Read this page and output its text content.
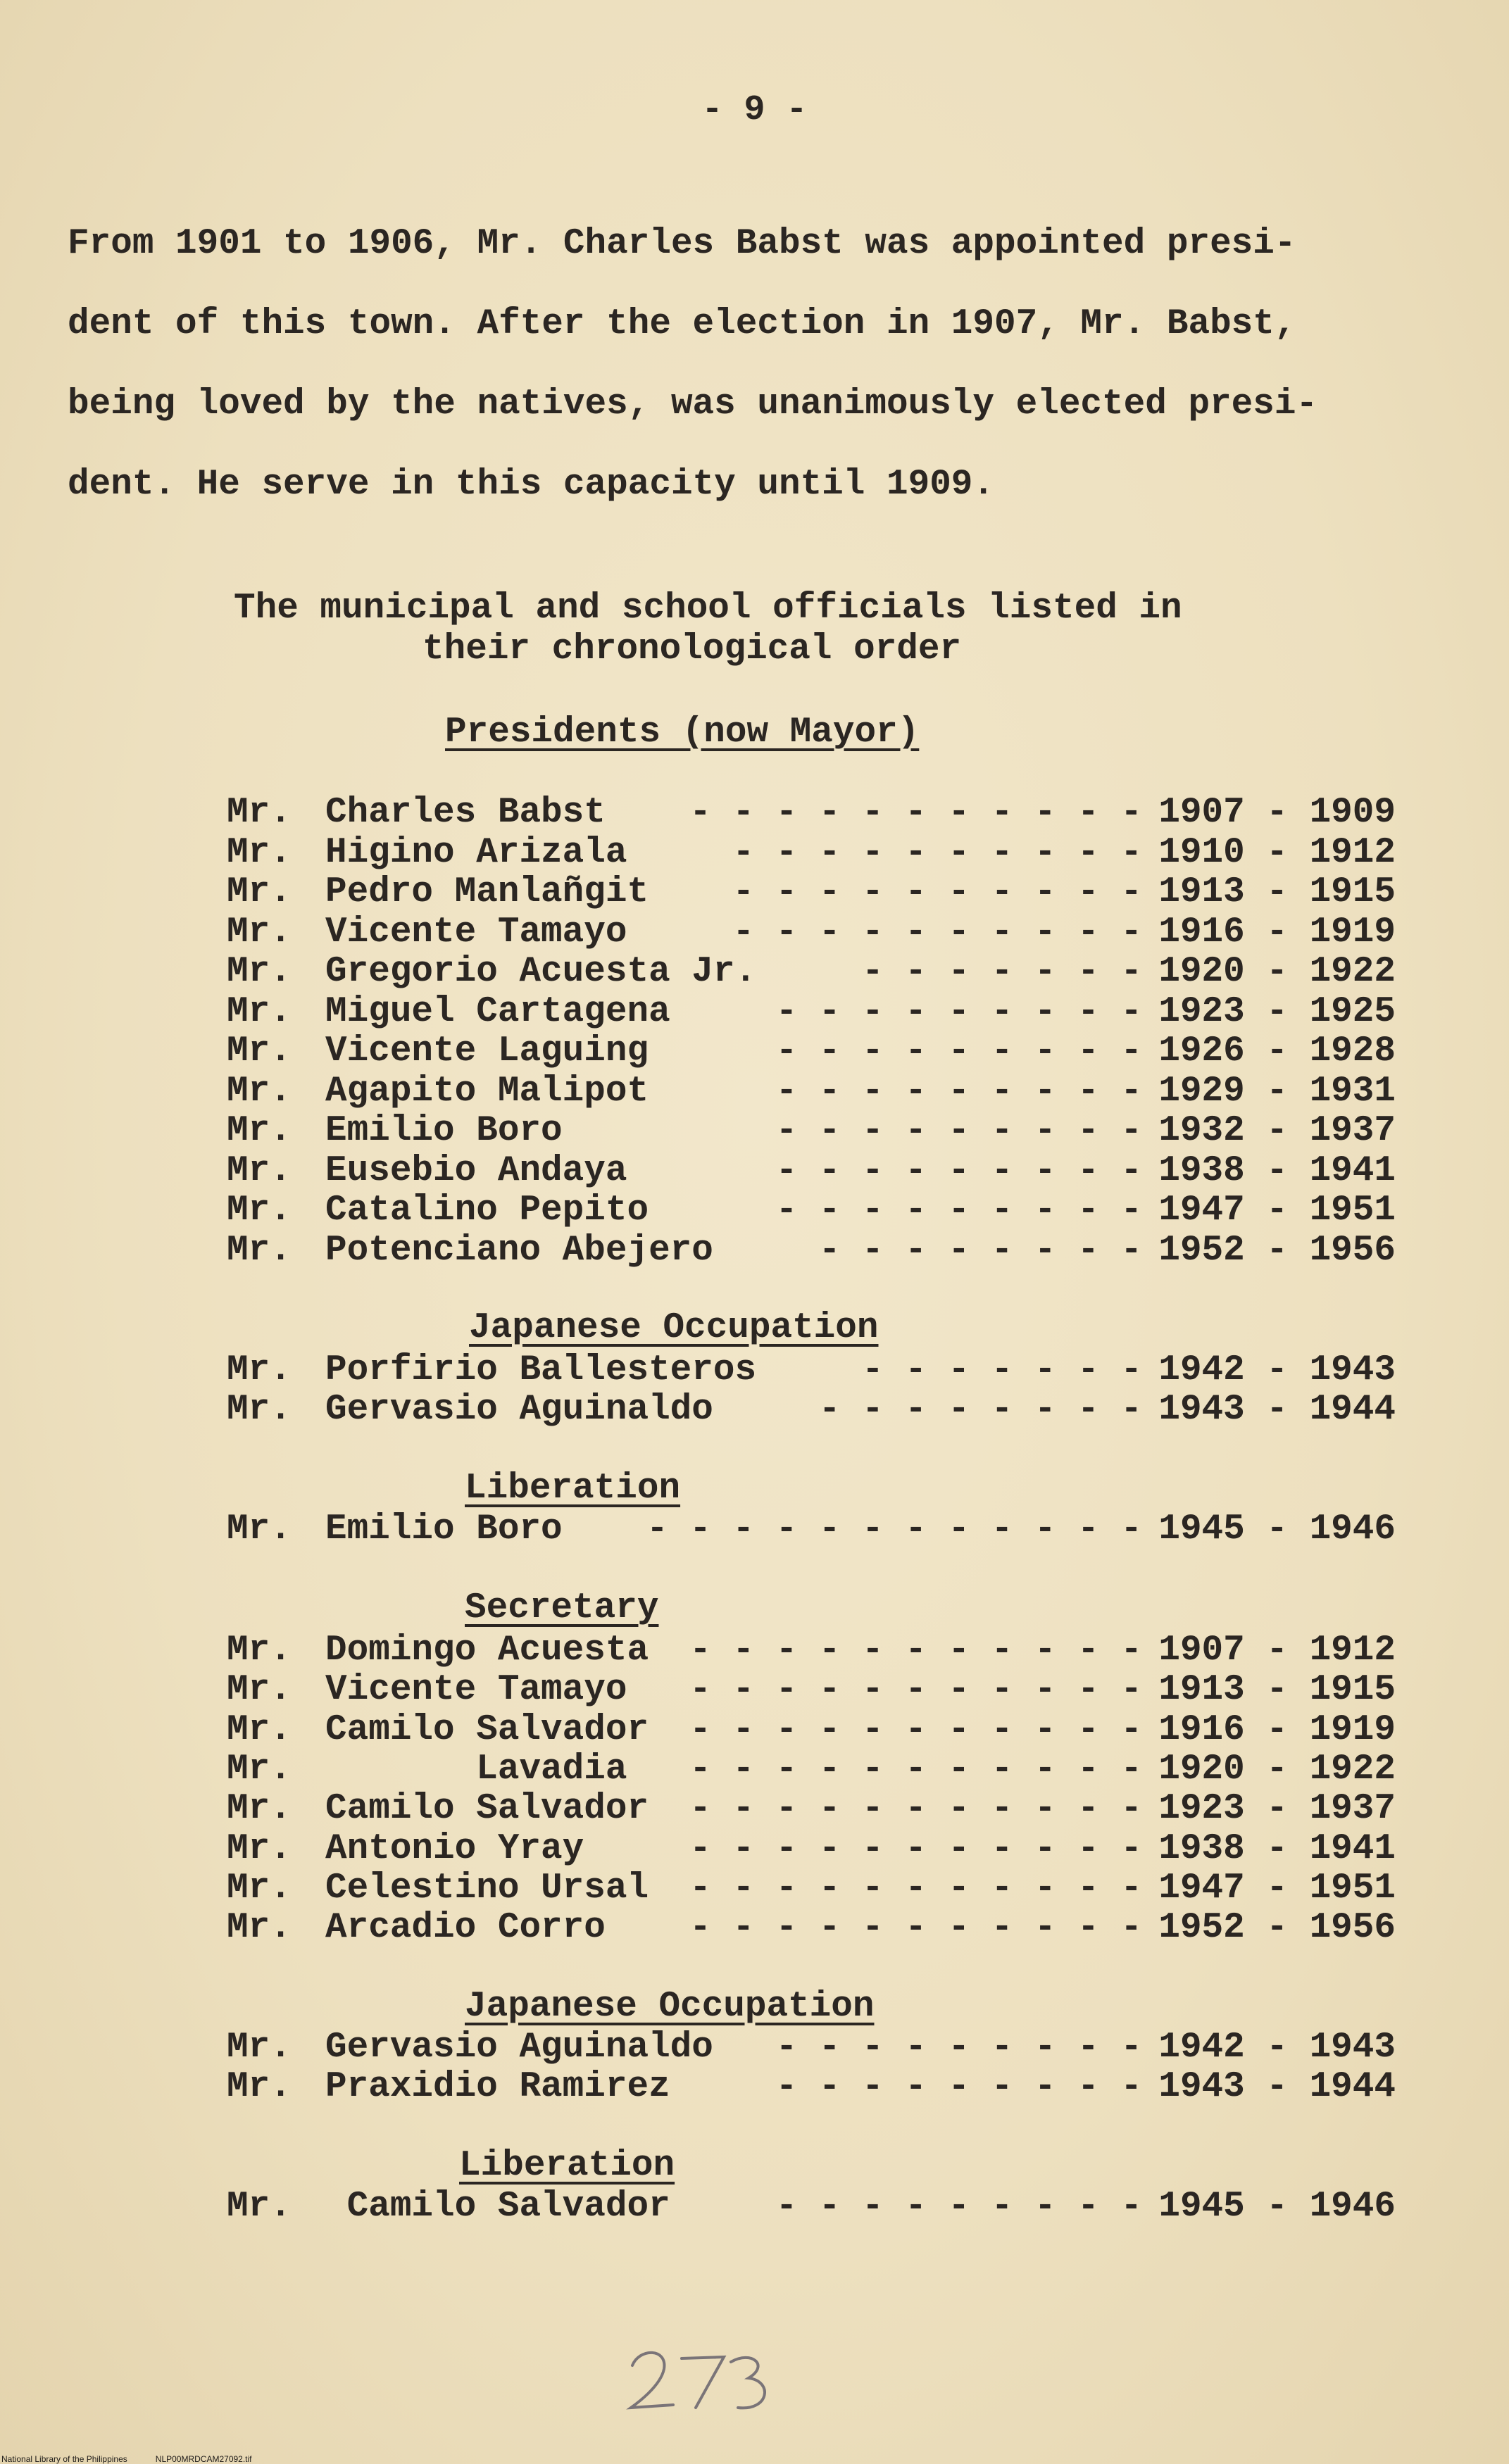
- 9 -
From 1901 to 1906, Mr. Charles Babst was appointed presi-
dent of this town. After the election in 1907, Mr. Babst,
being loved by the natives, was unanimously elected presi-
dent. He serve in this capacity until 1909.
The municipal and school officials listed in
their chronological order
Presidents (now Mayor)
Mr. Charles Babst - - - - - - - - - - - 1907 - 1909
Mr. Higino Arizala	- - - - - - - - - - 1910 - 1912
Mr. Pedro Manlañgit - - - - - - - - - - 1913 - 1915
Mr. Vicente Tamayo	- - - - - - - - - - 1916 - 1919
Mr. Gregorio Acuesta Jr.	- - - - - - - 1920 - 1922
Mr. Miguel Cartagena	- - - - - - - - - 1923 - 1925
Mr. Vicente Laguing	- - - - - - - - - 1926 - 1928
Mr. Agapito Malipot	- - - - - - - - - 1929 - 1931
Mr. Emilio Boro	- - - - - - - - - 1932 - 1937
Mr. Eusebio Andaya	- - - - - - - - - 1938 - 1941
Mr. Catalino Pepito	- - - - - - - - - 1947 - 1951
Mr. Potenciano Abejero	- - - - - - - - 1952 - 1956
Japanese Occupation
Mr. Porfirio Ballesteros	- - - - - - - 1942 - 1943
Mr. Gervasio Aguinaldo	- - - - - - - - 1943 - 1944
Liberation
Mr. Emilio Boro - - - - - - - - - - - - 1945 - 1946
Secretary
Mr. Domingo Acuesta - - - - - - - - - - - 1907 - 1912
Mr. Vicente Tamayo - - - - - - - - - - - 1913 - 1915
Mr. Camilo Salvador - - - - - - - - - - - 1916 - 1919
Mr. Lavadia - - - - - - - - - - - 1920 - 1922
Mr. Camilo Salvador - - - - - - - - - - - 1923 - 1937
Mr. Antonio Yray	- - - - - - - - - - - 1938 - 1941
Mr. Celestino Ursal - - - - - - - - - - - 1947 - 1951
Mr. Arcadio Corro - - - - - - - - - - - 1952 - 1956
Japanese Occupation
Mr. Gervasio Aguinaldo - - - - - - - - - 1942 - 1943
Mr. Praxidio Ramirez	- - - - - - - - - 1943 - 1944
Liberation
Mr. Camilo Salvador	- - - - - - - - - 1945 - 1946
National Library of the Philippines	NLP00MRDCAM27092.tif
